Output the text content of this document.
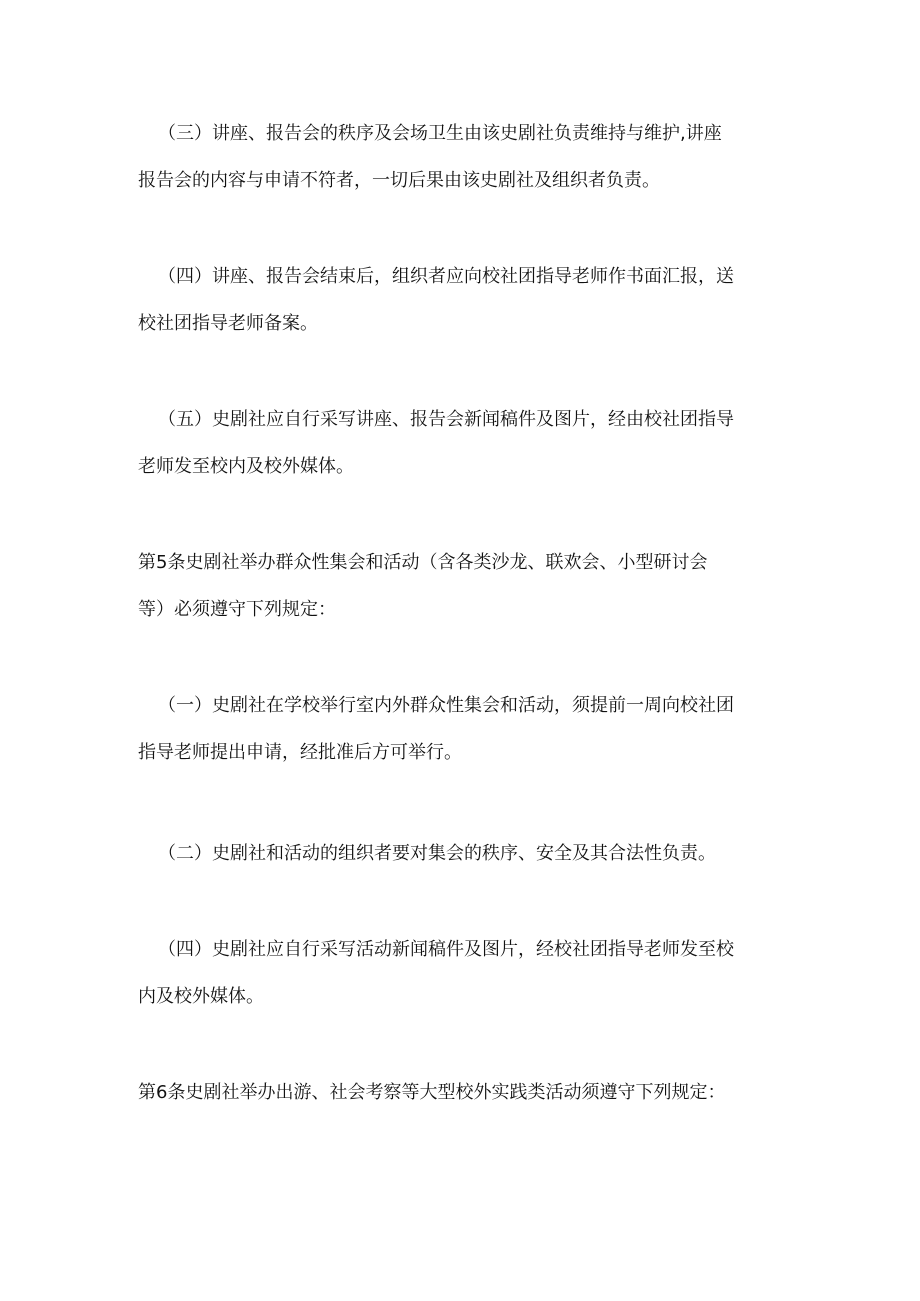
（三）讲座、报告会的秩序及会场卫生由该史剧社负责维持与维护,讲座
报告会的内容与申请不符者，一切后果由该史剧社及组织者负责。
（四）讲座、报告会结束后，组织者应向校社团指导老师作书面汇报，送
校社团指导老师备案。
（五）史剧社应自行采写讲座、报告会新闻稿件及图片，经由校社团指导
老师发至校内及校外媒体。
第5条史剧社举办群众性集会和活动（含各类沙龙、联欢会、小型研讨会
等）必须遵守下列规定：
（一）史剧社在学校举行室内外群众性集会和活动，须提前一周向校社团
指导老师提出申请，经批准后方可举行。
（二）史剧社和活动的组织者要对集会的秩序、安全及其合法性负责。
（四）史剧社应自行采写活动新闻稿件及图片，经校社团指导老师发至校
内及校外媒体。
第6条史剧社举办出游、社会考察等大型校外实践类活动须遵守下列规定：
